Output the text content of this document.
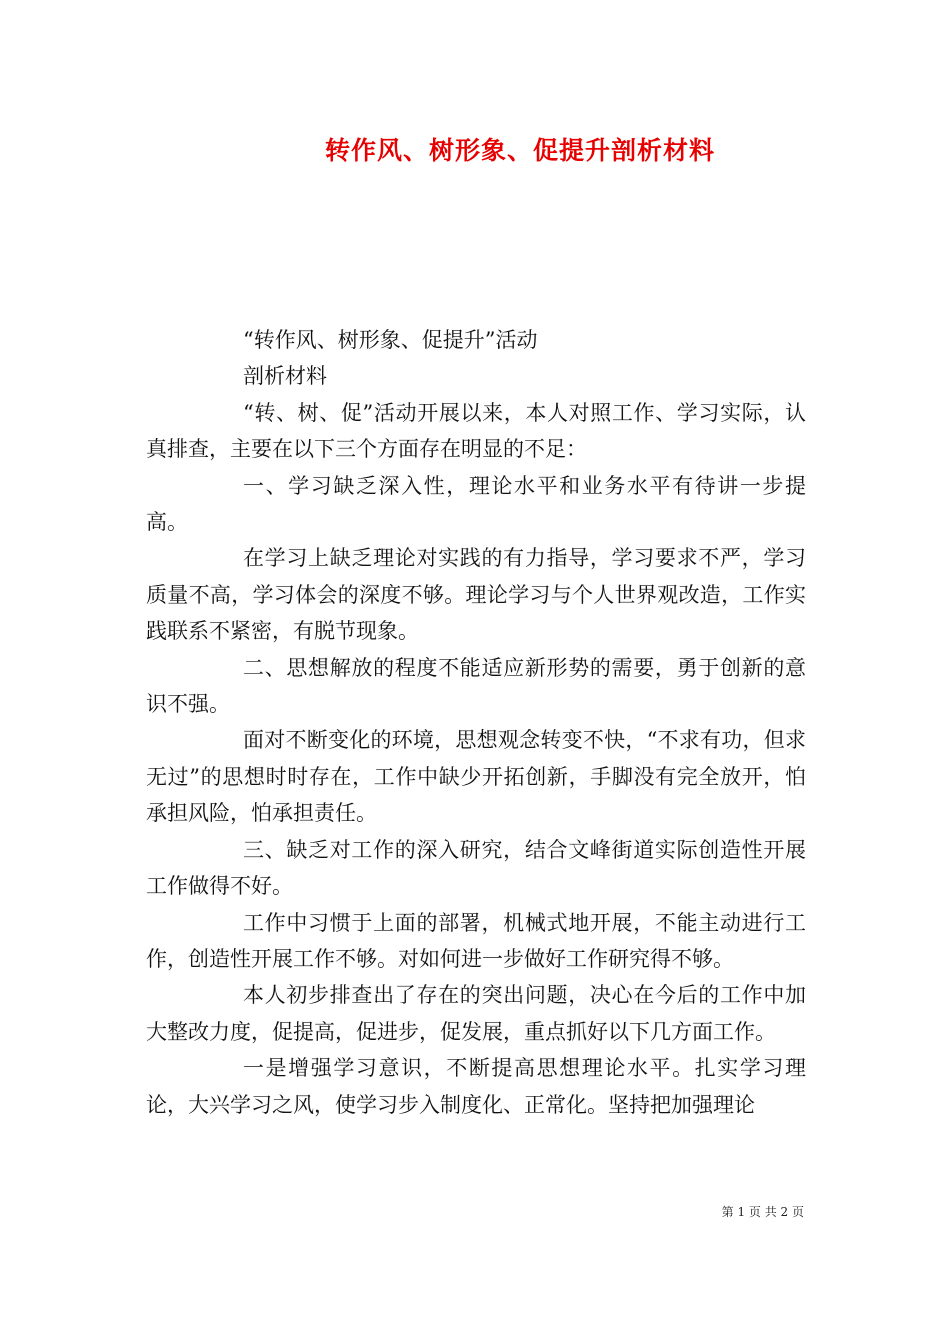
转作风、树形象、促提升剖析材料

“转作风、树形象、促提升”活动

剖析材料

“转、树、促”活动开展以来，本人对照工作、学习实际，认真排查，主要在以下三个方面存在明显的不足：

一、学习缺乏深入性，理论水平和业务水平有待讲一步提高。

在学习上缺乏理论对实践的有力指导，学习要求不严，学习质量不高，学习体会的深度不够。理论学习与个人世界观改造，工作实践联系不紧密，有脱节现象。

二、思想解放的程度不能适应新形势的需要，勇于创新的意识不强。

面对不断变化的环境，思想观念转变不快，“不求有功，但求无过”的思想时时存在，工作中缺少开拓创新，手脚没有完全放开，怕承担风险，怕承担责任。

三、缺乏对工作的深入研究，结合文峰街道实际创造性开展工作做得不好。

工作中习惯于上面的部署，机械式地开展，不能主动进行工作，创造性开展工作不够。对如何进一步做好工作研究得不够。

本人初步排查出了存在的突出问题，决心在今后的工作中加大整改力度，促提高，促进步，促发展，重点抓好以下几方面工作。

一是增强学习意识，不断提高思想理论水平。扎实学习理论，大兴学习之风，使学习步入制度化、正常化。坚持把加强理论

第 1 页 共 2 页
